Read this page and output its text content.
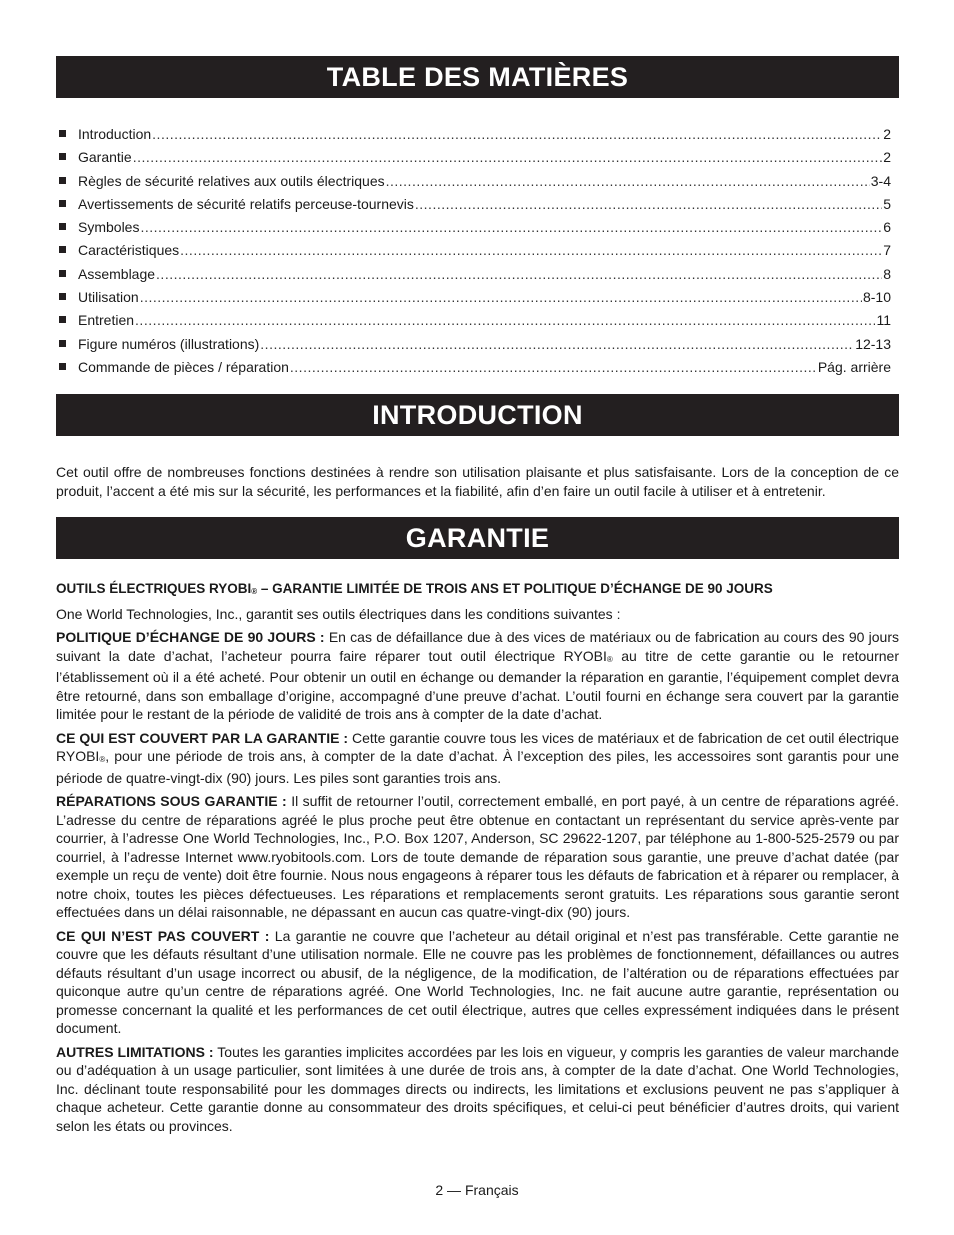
TABLE DES MATIÈRES
Introduction .....	2
Garantie .....	2
Règles de sécurité relatives aux outils électriques .....	3-4
Avertissements de sécurité relatifs perceuse-tournevis .....	5
Symboles .....	6
Caractéristiques .....	7
Assemblage .....	8
Utilisation .....	8-10
Entretien .....	11
Figure numéros (illustrations) .....	12-13
Commande de pièces / réparation .....	Pág. arrière
INTRODUCTION

Cet outil offre de nombreuses fonctions destinées à rendre son utilisation plaisante et plus satisfaisante. Lors de la conception de ce produit, l’accent a été mis sur la sécurité, les performances et la fiabilité, afin d’en faire un outil facile à utiliser et à entretenir.

GARANTIE

OUTILS ÉLECTRIQUES RYOBI® – GARANTIE LIMITÉE DE TROIS ANS ET POLITIQUE D’ÉCHANGE DE 90 JOURS

One World Technologies, Inc., garantit ses outils électriques dans les conditions suivantes :

POLITIQUE D’ÉCHANGE DE 90 JOURS : En cas de défaillance due à des vices de matériaux ou de fabrication au cours des 90 jours suivant la date d’achat, l’acheteur pourra faire réparer tout outil électrique RYOBI® au titre de cette garantie ou le retourner l’établissement où il a été acheté. Pour obtenir un outil en échange ou demander la réparation en garantie, l’équipement complet devra être retourné, dans son emballage d’origine, accompagné d’une preuve d’achat. L’outil fourni en échange sera couvert par la garantie limitée pour le restant de la période de validité de trois ans à compter de la date d’achat.

CE QUI EST COUVERT PAR LA GARANTIE : Cette garantie couvre tous les vices de matériaux et de fabrication de cet outil électrique RYOBI®, pour une période de trois ans, à compter de la date d’achat. À l’exception des piles, les accessoires sont garantis pour une période de quatre-vingt-dix (90) jours. Les piles sont garanties trois ans.

RÉPARATIONS SOUS GARANTIE : Il suffit de retourner l’outil, correctement emballé, en port payé, à un centre de réparations agréé. L’adresse du centre de réparations agréé le plus proche peut être obtenue en contactant un représentant du service après-vente par courrier, à l’adresse One World Technologies, Inc., P.O. Box 1207, Anderson, SC 29622-1207, par téléphone au 1-800-525-2579 ou par courriel, à l’adresse Internet www.ryobitools.com. Lors de toute demande de réparation sous garantie, une preuve d’achat datée (par exemple un reçu de vente) doit être fournie. Nous nous engageons à réparer tous les défauts de fabrication et à réparer ou remplacer, à notre choix, toutes les pièces défectueuses. Les réparations et remplacements seront gratuits. Les réparations sous garantie seront effectuées dans un délai raisonnable, ne dépassant en aucun cas quatre-vingt-dix (90) jours.

CE QUI N’EST PAS COUVERT : La garantie ne couvre que l’acheteur au détail original et n’est pas transférable. Cette garantie ne couvre que les défauts résultant d’une utilisation normale. Elle ne couvre pas les problèmes de fonctionnement, défaillances ou autres défauts résultant d’un usage incorrect ou abusif, de la négligence, de la modification, de l’altération ou de réparations effectuées par quiconque autre qu’un centre de réparations agréé. One World Technologies, Inc. ne fait aucune autre garantie, représentation ou promesse concernant la qualité et les performances de cet outil électrique, autres que celles expressément indiquées dans le présent document.

AUTRES LIMITATIONS : Toutes les garanties implicites accordées par les lois en vigueur, y compris les garanties de valeur marchande ou d’adéquation à un usage particulier, sont limitées à une durée de trois ans, à compter de la date d’achat. One World Technologies, Inc. déclinant toute responsabilité pour les dommages directs ou indirects, les limitations et exclusions peuvent ne pas s’appliquer à chaque acheteur. Cette garantie donne au consommateur des droits spécifiques, et celui-ci peut bénéficier d’autres droits, qui varient selon les états ou provinces.

2 — Français
